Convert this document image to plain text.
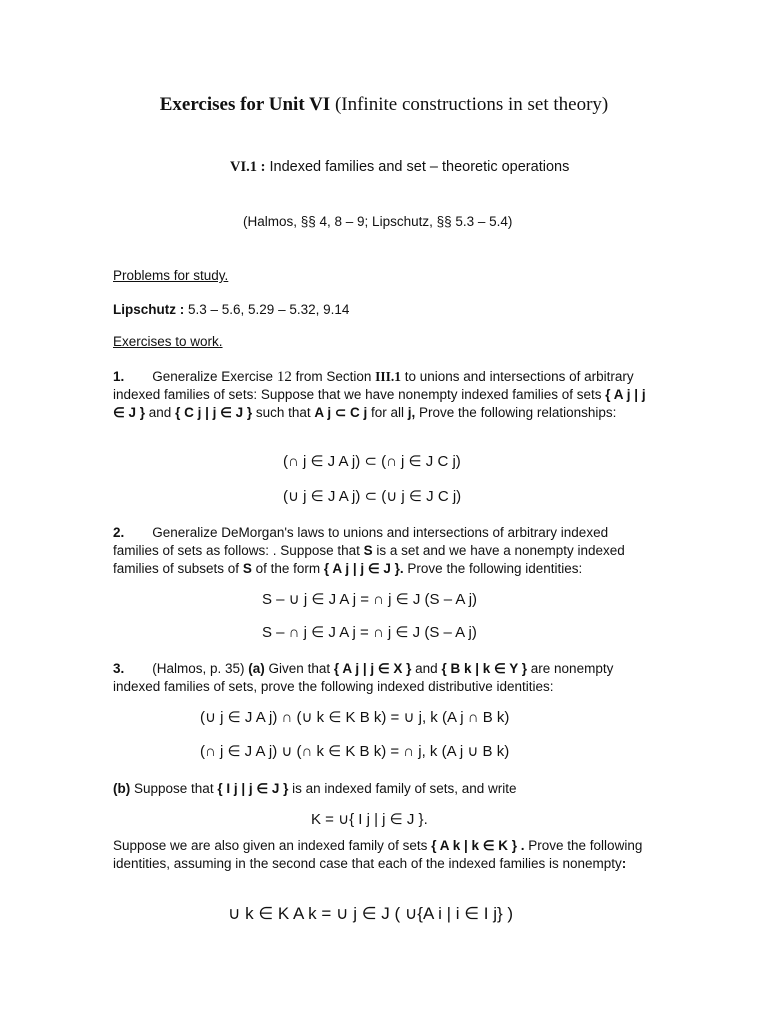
Exercises for Unit VI (Infinite constructions in set theory)
VI.1 : Indexed families and set – theoretic operations
(Halmos, §§ 4, 8 – 9; Lipschutz, §§ 5.3 – 5.4)
Problems for study.
Lipschutz : 5.3 – 5.6, 5.29 – 5.32, 9.14
Exercises to work.
1. Generalize Exercise 12 from Section III.1 to unions and intersections of arbitrary indexed families of sets: Suppose that we have nonempty indexed families of sets { A j | j ∈ J } and { C j | j ∈ J } such that A j ⊂ C j for all j, Prove the following relationships:
(∩ j ∈ J A j) ⊂ (∩ j ∈ J C j)
(∪ j ∈ J A j) ⊂ (∪ j ∈ J C j)
2. Generalize DeMorgan's laws to unions and intersections of arbitrary indexed families of sets as follows: . Suppose that S is a set and we have a nonempty indexed families of subsets of S of the form { A j | j ∈ J }. Prove the following identities:
S – ∪ j ∈ J A j = ∩ j ∈ J (S – A j)
S – ∩ j ∈ J A j = ∩ j ∈ J (S – A j)
3. (Halmos, p. 35) (a) Given that { A j | j ∈ X } and { B k | k ∈ Y } are nonempty indexed families of sets, prove the following indexed distributive identities:
(∪ j ∈ J A j) ∩ (∪ k ∈ K B k) = ∪ j, k (A j ∩ B k)
(∩ j ∈ J A j) ∪ (∩ k ∈ K B k) = ∩ j, k (A j ∪ B k)
(b) Suppose that { I j | j ∈ J } is an indexed family of sets, and write
K = ∪{ I j | j ∈ J }.
Suppose we are also given an indexed family of sets { A k | k ∈ K } . Prove the following identities, assuming in the second case that each of the indexed families is nonempty:
∪ k ∈ K A k = ∪ j ∈ J ( ∪{A i | i ∈ I j} )
